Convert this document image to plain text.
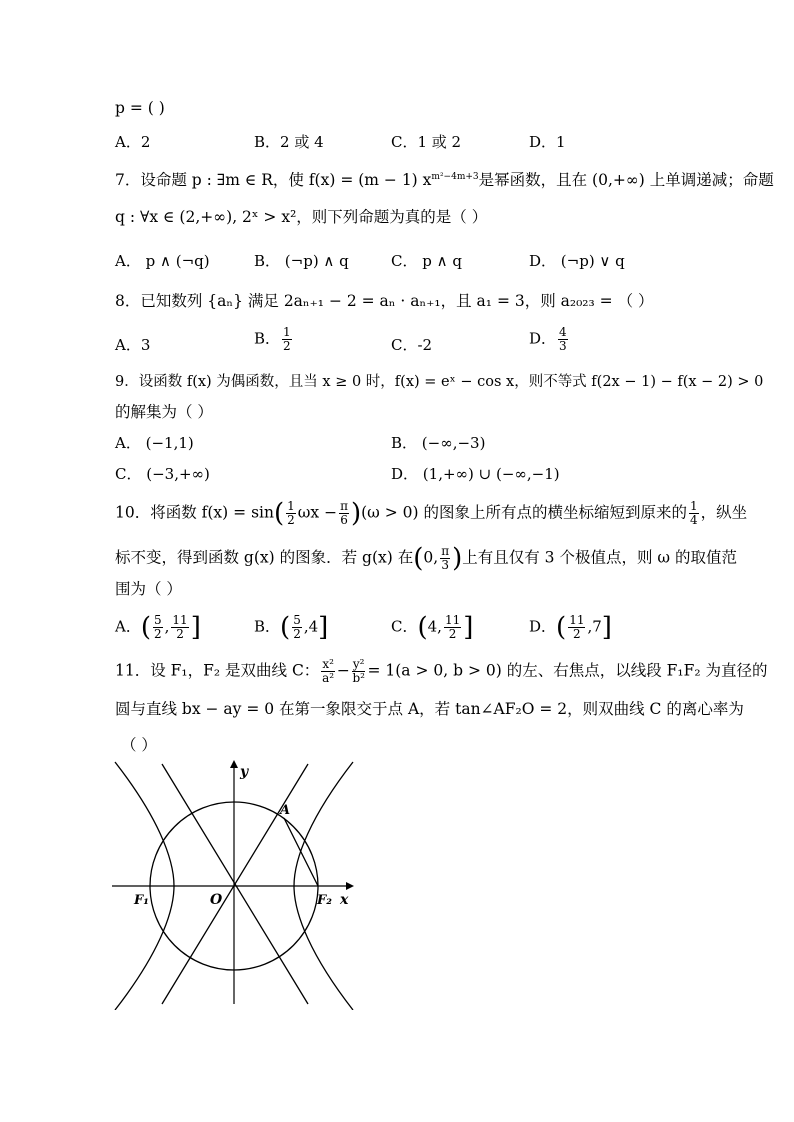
p = ( )
A．2	B．2 或 4	C．1 或 2	D．1
7．设命题 p : ∃m ∈ R，使 f(x) = (m − 1) $x^{m^2-4m+3}$是幂函数，且在 (0,+∞) 上单调递减；命题
q : ∀x ∈ (2,+∞), 2ˣ > x²，则下列命题为真的是（ ）
A． p ∧ (¬q)	B． (¬p) ∧ q	C． p ∧ q	D． (¬p) ∨ q
8．已知数列 {aₙ} 满足 2aₙ₊₁ − 2 = aₙ · aₙ₊₁，且 a₁ = 3，则 a₂₀₂₃ = （ ）
A．3	B． $\frac{1}{2}$	C．-2	D． $\frac{4}{3}$
9．设函数 f(x) 为偶函数，且当 x ≥ 0 时，f(x) = eˣ − cos x，则不等式 f(2x − 1) − f(x − 2) > 0
的解集为（ ）
A． (−1,1)	B． (−∞,−3)
C． (−3,+∞)	D． (1,+∞) ∪ (−∞,−1)
10．将函数 $f(x) = \sin( \frac{1}{2}$ $\omega x - \frac{\pi}{6} )(\omega > 0)$ 的图象上所有点的横坐标缩短到原来的 $\frac{1}{4}$ ，纵坐
标不变，得到函数 g(x) 的图象．若 g(x) 在(0, $\frac{\pi}{3}$ )上有且仅有 3 个极值点，则 ω 的取值范
围为（ ）
A．( $\frac{5}{2}$ , $\frac{11}{2}$ ]	B．( $\frac{5}{2} ,4$]	C．(4, $\frac{11}{2}$ ]	D．( $\frac{11}{2} ,7$]
11．设 F₁，F₂ 是双曲线 C： $\frac{\text{x²}}{\text{a²}} - \frac{\text{y²}}{\text{b²}} = 1(a > 0$, b > 0) 的左、右焦点，以线段 F₁F₂ 为直径的
圆与直线 bx − ay = 0 在第一象限交于点 A，若 tan∠AF₂O = 2，则双曲线 C 的离心率为
（ ）
y
x
A
O
F₁	F₂
